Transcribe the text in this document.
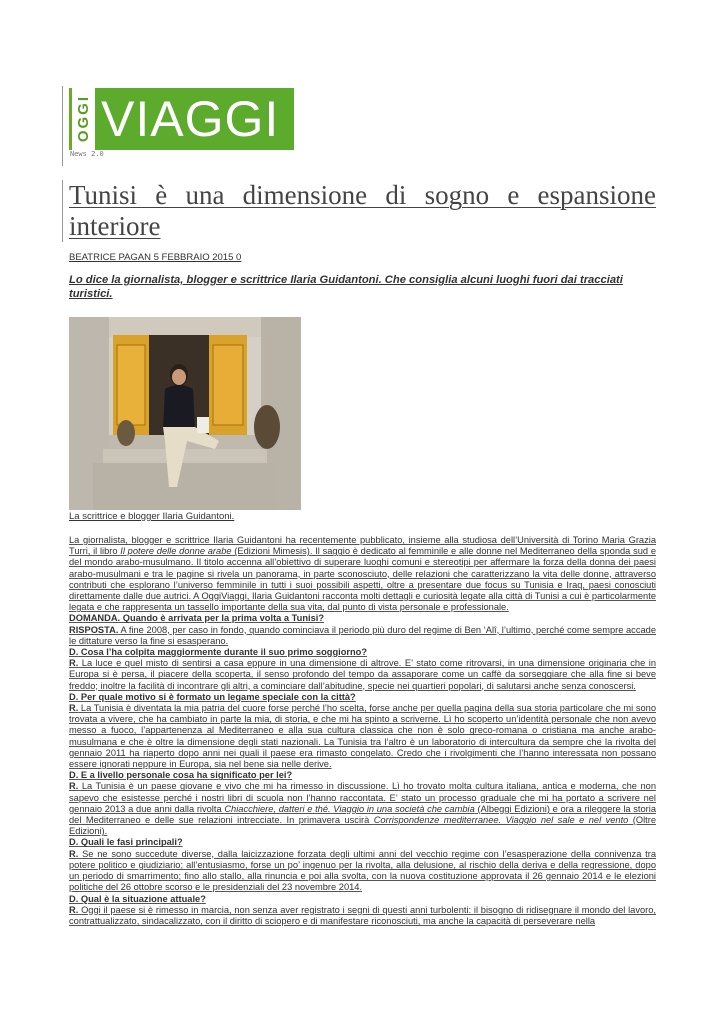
OGGI VIAGGI
News 2.0
Tunisi è una dimensione di sogno e espansione
interiore
BEATRICE PAGAN 5 FEBBRAIO 2015 0
Lo dice la giornalista, blogger e scrittrice Ilaria Guidantoni. Che consiglia alcuni luoghi fuori dai tracciati turistici.
La scrittrice e blogger Ilaria Guidantoni.

La giornalista, blogger e scrittrice Ilaria Guidantoni ha recentemente pubblicato, insieme alla studiosa dell’Università di Torino Maria Grazia Turri, il libro Il potere delle donne arabe (Edizioni Mimesis). Il saggio è dedicato al femminile e alle donne nel Mediterraneo della sponda sud e del mondo arabo-musulmano. Il titolo accenna all’obiettivo di superare luoghi comuni e stereotipi per affermare la forza della donna dei paesi arabo-musulmani e tra le pagine si rivela un panorama, in parte sconosciuto, delle relazioni che caratterizzano la vita delle donne, attraverso contributi che esplorano l’universo femminile in tutti i suoi possibili aspetti, oltre a presentare due focus su Tunisia e Iraq, paesi conosciuti direttamente dalle due autrici. A OggiViaggi, Ilaria Guidantoni racconta molti dettagli e curiosità legate alla città di Tunisi a cui è particolarmente legata e che rappresenta un tassello importante della sua vita, dal punto di vista personale e professionale.

DOMANDA. Quando è arrivata per la prima volta a Tunisi?

RISPOSTA. A fine 2008, per caso in fondo, quando cominciava il periodo più duro del regime di Ben ‘Alî, l’ultimo, perché come sempre accade le dittature verso la fine si esasperano.

D. Cosa l’ha colpita maggiormente durante il suo primo soggiorno?

R. La luce e quel misto di sentirsi a casa eppure in una dimensione di altrove. E’ stato come ritrovarsi, in una dimensione originaria che in Europa si è persa, il piacere della scoperta, il senso profondo del tempo da assaporare come un caffè da sorseggiare che alla fine si beve freddo; inoltre la facilità di incontrare gli altri, a cominciare dall’abitudine, specie nei quartieri popolari, di salutarsi anche senza conoscersi.

D. Per quale motivo si è formato un legame speciale con la città?

R. La Tunisia è diventata la mia patria del cuore forse perché l’ho scelta, forse anche per quella pagina della sua storia particolare che mi sono trovata a vivere, che ha cambiato in parte la mia, di storia, e che mi ha spinto a scriverne. Lì ho scoperto un’identità personale che non avevo messo a fuoco, l’appartenenza al Mediterraneo e alla sua cultura classica che non è solo greco-romana o cristiana ma anche arabo-musulmana e che è oltre la dimensione degli stati nazionali. La Tunisia tra l’altro è un laboratorio di intercultura da sempre che la rivolta del gennaio 2011 ha riaperto dopo anni nei quali il paese era rimasto congelato. Credo che i rivolgimenti che l’hanno interessata non possano essere ignorati neppure in Europa, sia nel bene sia nelle derive.

D. E a livello personale cosa ha significato per lei?

R. La Tunisia è un paese giovane e vivo che mi ha rimesso in discussione. Lì ho trovato molta cultura italiana, antica e moderna, che non sapevo che esistesse perché i nostri libri di scuola non l’hanno raccontata. E’ stato un processo graduale che mi ha portato a scrivere nel gennaio 2013 a due anni dalla rivolta Chiacchiere, datteri e thé. Viaggio in una società che cambia (Albeggi Edizioni) e ora a rileggere la storia del Mediterraneo e delle sue relazioni intrecciate. In primavera uscirà Corrispondenze mediterranee. Viaggio nel sale e nel vento (Oltre Edizioni).

D. Quali le fasi principali?

R. Se ne sono succedute diverse, dalla laicizzazione forzata degli ultimi anni del vecchio regime con l’esasperazione della connivenza tra potere politico e giudiziario; all’entusiasmo, forse un po’ ingenuo per la rivolta, alla delusione, al rischio della deriva e della regressione, dopo un periodo di smarrimento; fino allo stallo, alla rinuncia e poi alla svolta, con la nuova costituzione approvata il 26 gennaio 2014 e le elezioni politiche del 26 ottobre scorso e le presidenziali del 23 novembre 2014.

D. Qual è la situazione attuale?

R. Oggi il paese si è rimesso in marcia, non senza aver registrato i segni di questi anni turbolenti: il bisogno di ridisegnare il mondo del lavoro, contrattualizzato, sindacalizzato, con il diritto di sciopero e di manifestare riconosciuti, ma anche la capacità di perseverare nella
